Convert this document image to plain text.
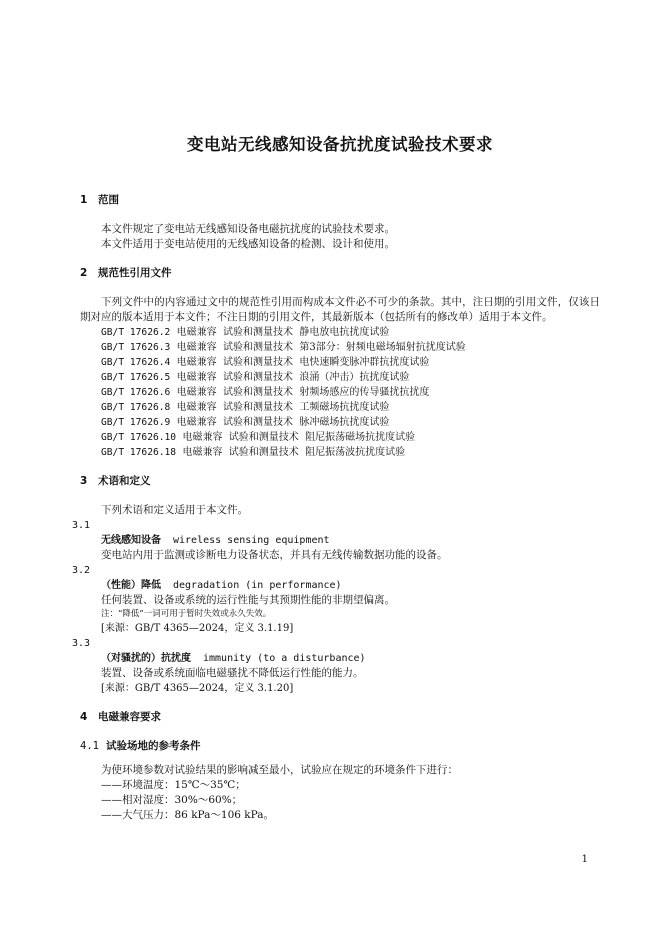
变电站无线感知设备抗扰度试验技术要求
1 范围

本文件规定了变电站无线感知设备电磁抗扰度的试验技术要求。

本文件适用于变电站使用的无线感知设备的检测、设计和使用。

2 规范性引用文件

下列文件中的内容通过文中的规范性引用而构成本文件必不可少的条款。其中，注日期的引用文件，仅该日期对应的版本适用于本文件；不注日期的引用文件，其最新版本（包括所有的修改单）适用于本文件。

GB/T 17626.2 电磁兼容  试验和测量技术  静电放电抗扰度试验
GB/T 17626.3 电磁兼容  试验和测量技术  第3部分：射频电磁场辐射抗扰度试验
GB/T 17626.4 电磁兼容  试验和测量技术  电快速瞬变脉冲群抗扰度试验
GB/T 17626.5 电磁兼容  试验和测量技术  浪涌（冲击）抗扰度试验
GB/T 17626.6 电磁兼容  试验和测量技术  射频场感应的传导骚扰抗扰度
GB/T 17626.8 电磁兼容  试验和测量技术  工频磁场抗扰度试验
GB/T 17626.9 电磁兼容  试验和测量技术  脉冲磁场抗扰度试验
GB/T 17626.10 电磁兼容  试验和测量技术  阻尼振荡磁场抗扰度试验
GB/T 17626.18 电磁兼容  试验和测量技术  阻尼振荡波抗扰度试验
3 术语和定义

下列术语和定义适用于本文件。

3.1
无线感知设备 wireless sensing equipment
变电站内用于监测或诊断电力设备状态，并具有无线传输数据功能的设备。
3.2
（性能）降低 degradation (in performance)
任何装置、设备或系统的运行性能与其预期性能的非期望偏离。
注：“降低”一词可用于暂时失效或永久失效。
[来源：GB/T 4365—2024，定义 3.1.19]
3.3
（对骚扰的）抗扰度 immunity (to a disturbance)
装置、设备或系统面临电磁骚扰不降低运行性能的能力。
[来源：GB/T 4365—2024，定义 3.1.20]
4 电磁兼容要求
4.1 试验场地的参考条件

为使环境参数对试验结果的影响减至最小，试验应在规定的环境条件下进行：

——环境温度：15℃～35℃；
——相对湿度：30%～60%；
——大气压力：86 kPa～106 kPa。
1
